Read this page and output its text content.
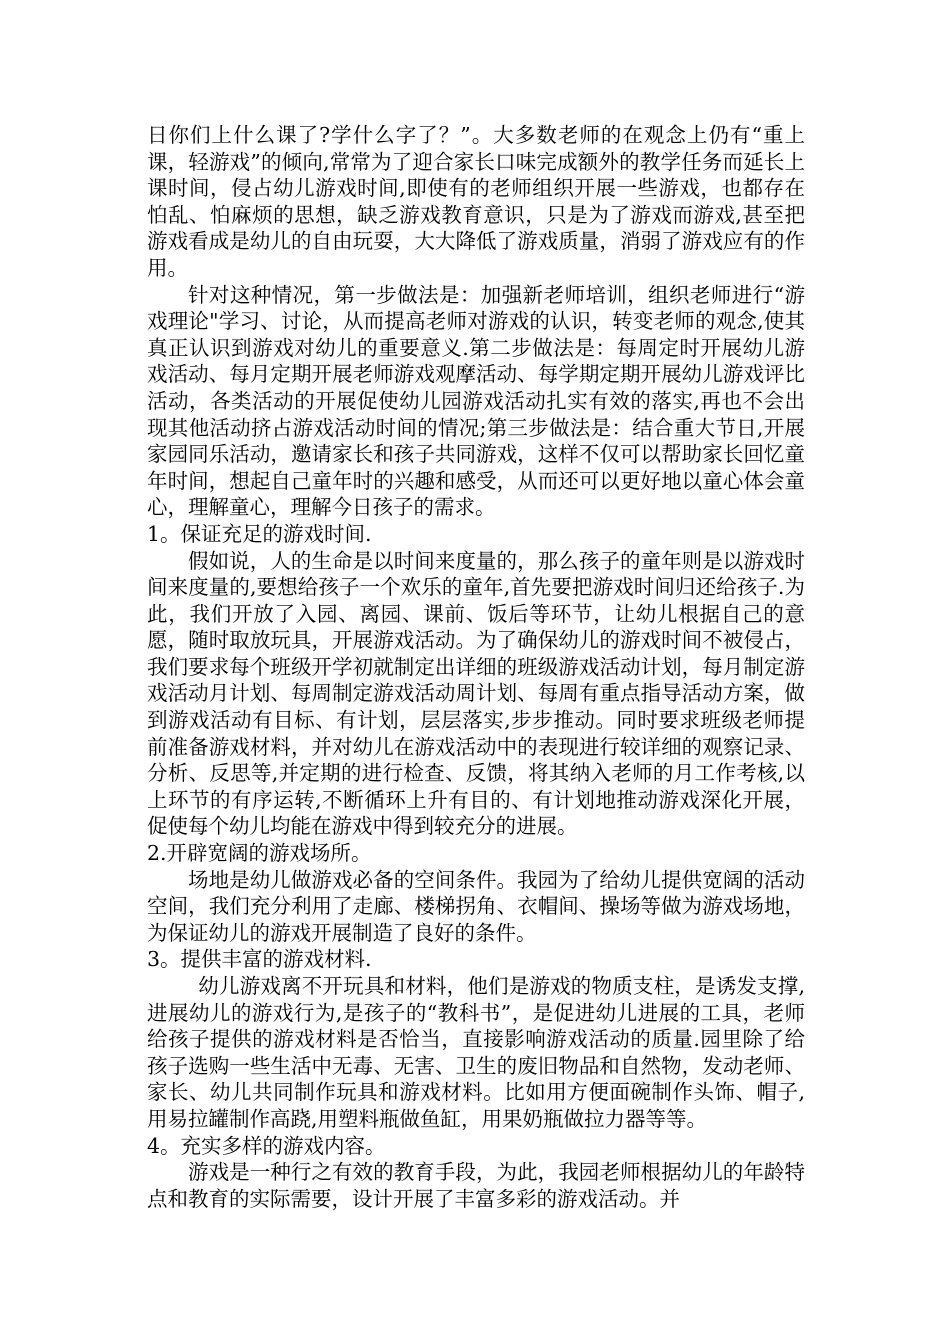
日你们上什么课了?学什么字了？”。大多数老师的在观念上仍有“重上课，轻游戏”的倾向,常常为了迎合家长口味完成额外的教学任务而延长上课时间，侵占幼儿游戏时间,即使有的老师组织开展一些游戏，也都存在怕乱、怕麻烦的思想，缺乏游戏教育意识，只是为了游戏而游戏,甚至把游戏看成是幼儿的自由玩耍，大大降低了游戏质量，消弱了游戏应有的作用。

针对这种情况，第一步做法是：加强新老师培训，组织老师进行“游戏理论"学习、讨论，从而提高老师对游戏的认识，转变老师的观念,使其真正认识到游戏对幼儿的重要意义.第二步做法是：每周定时开展幼儿游戏活动、每月定期开展老师游戏观摩活动、每学期定期开展幼儿游戏评比活动，各类活动的开展促使幼儿园游戏活动扎实有效的落实,再也不会出现其他活动挤占游戏活动时间的情况;第三步做法是：结合重大节日,开展家园同乐活动，邀请家长和孩子共同游戏，这样不仅可以帮助家长回忆童年时间，想起自己童年时的兴趣和感受，从而还可以更好地以童心体会童心，理解童心，理解今日孩子的需求。

1。保证充足的游戏时间.

假如说，人的生命是以时间来度量的，那么孩子的童年则是以游戏时间来度量的,要想给孩子一个欢乐的童年,首先要把游戏时间归还给孩子.为此，我们开放了入园、离园、课前、饭后等环节，让幼儿根据自己的意愿，随时取放玩具，开展游戏活动。为了确保幼儿的游戏时间不被侵占，我们要求每个班级开学初就制定出详细的班级游戏活动计划，每月制定游戏活动月计划、每周制定游戏活动周计划、每周有重点指导活动方案，做到游戏活动有目标、有计划，层层落实,步步推动。同时要求班级老师提前准备游戏材料，并对幼儿在游戏活动中的表现进行较详细的观察记录、分析、反思等,并定期的进行检查、反馈，将其纳入老师的月工作考核,以上环节的有序运转,不断循环上升有目的、有计划地推动游戏深化开展，促使每个幼儿均能在游戏中得到较充分的进展。

2.开辟宽阔的游戏场所。

场地是幼儿做游戏必备的空间条件。我园为了给幼儿提供宽阔的活动空间，我们充分利用了走廊、楼梯拐角、衣帽间、操场等做为游戏场地，为保证幼儿的游戏开展制造了良好的条件。

3。提供丰富的游戏材料.

幼儿游戏离不开玩具和材料，他们是游戏的物质支柱，是诱发支撑,进展幼儿的游戏行为,是孩子的“教科书”，是促进幼儿进展的工具，老师给孩子提供的游戏材料是否恰当，直接影响游戏活动的质量.园里除了给孩子选购一些生活中无毒、无害、卫生的废旧物品和自然物，发动老师、家长、幼儿共同制作玩具和游戏材料。比如用方便面碗制作头饰、帽子,用易拉罐制作高跷,用塑料瓶做鱼缸，用果奶瓶做拉力器等等。

4。充实多样的游戏内容。

游戏是一种行之有效的教育手段，为此，我园老师根据幼儿的年龄特点和教育的实际需要，设计开展了丰富多彩的游戏活动。并
